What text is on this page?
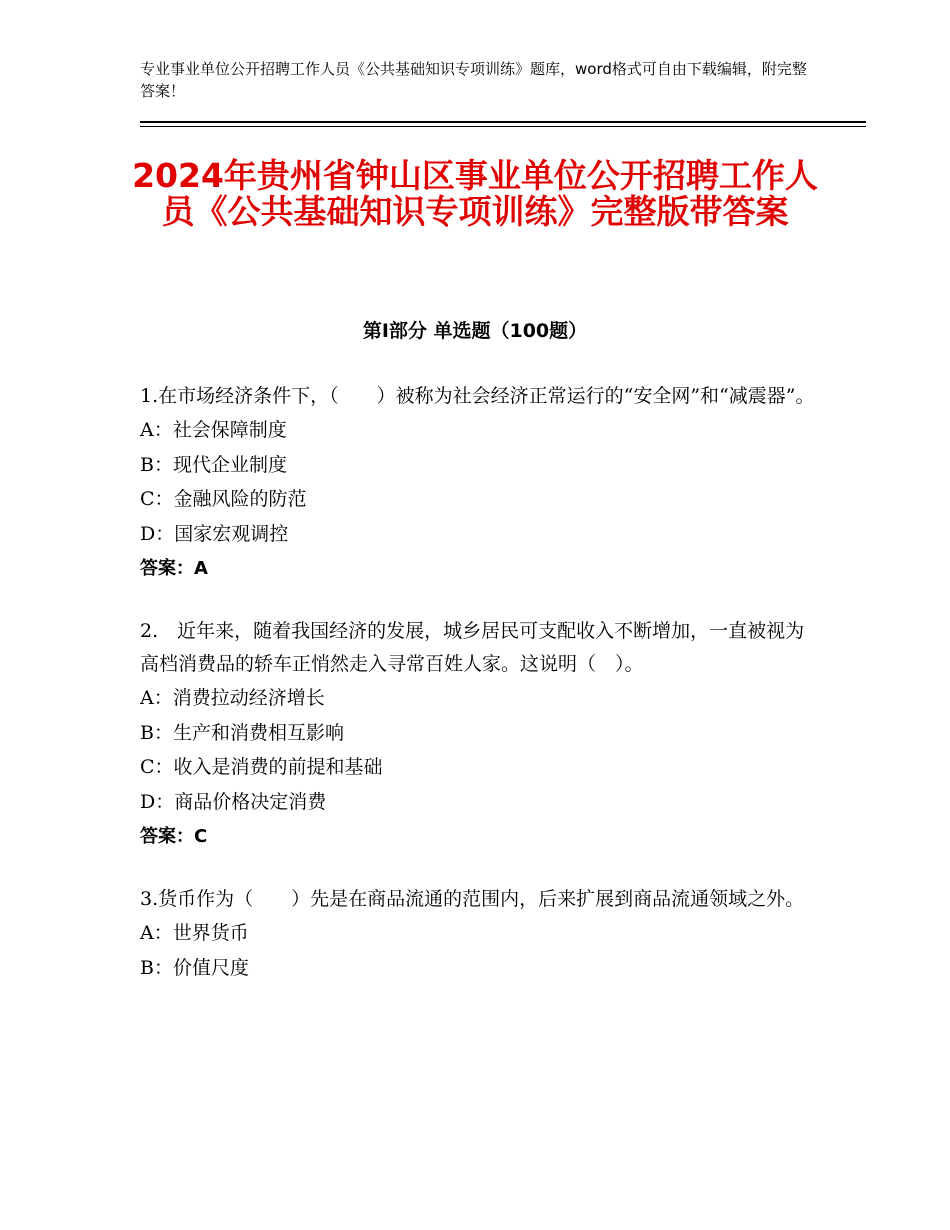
专业事业单位公开招聘工作人员《公共基础知识专项训练》题库，word格式可自由下载编辑，附完整答案！
2024年贵州省钟山区事业单位公开招聘工作人员《公共基础知识专项训练》完整版带答案
第Ⅰ部分 单选题（100题）
1.在市场经济条件下，（　　）被称为社会经济正常运行的“安全网”和“减震器”。
A：社会保障制度
B：现代企业制度
C：金融风险的防范
D：国家宏观调控
答案：A
2.　近年来，随着我国经济的发展，城乡居民可支配收入不断增加，一直被视为高档消费品的轿车正悄然走入寻常百姓人家。这说明（　）。
A：消费拉动经济增长
B：生产和消费相互影响
C：收入是消费的前提和基础
D：商品价格决定消费
答案：C
3.货币作为（　　）先是在商品流通的范围内，后来扩展到商品流通领域之外。
A：世界货币
B：价值尺度
